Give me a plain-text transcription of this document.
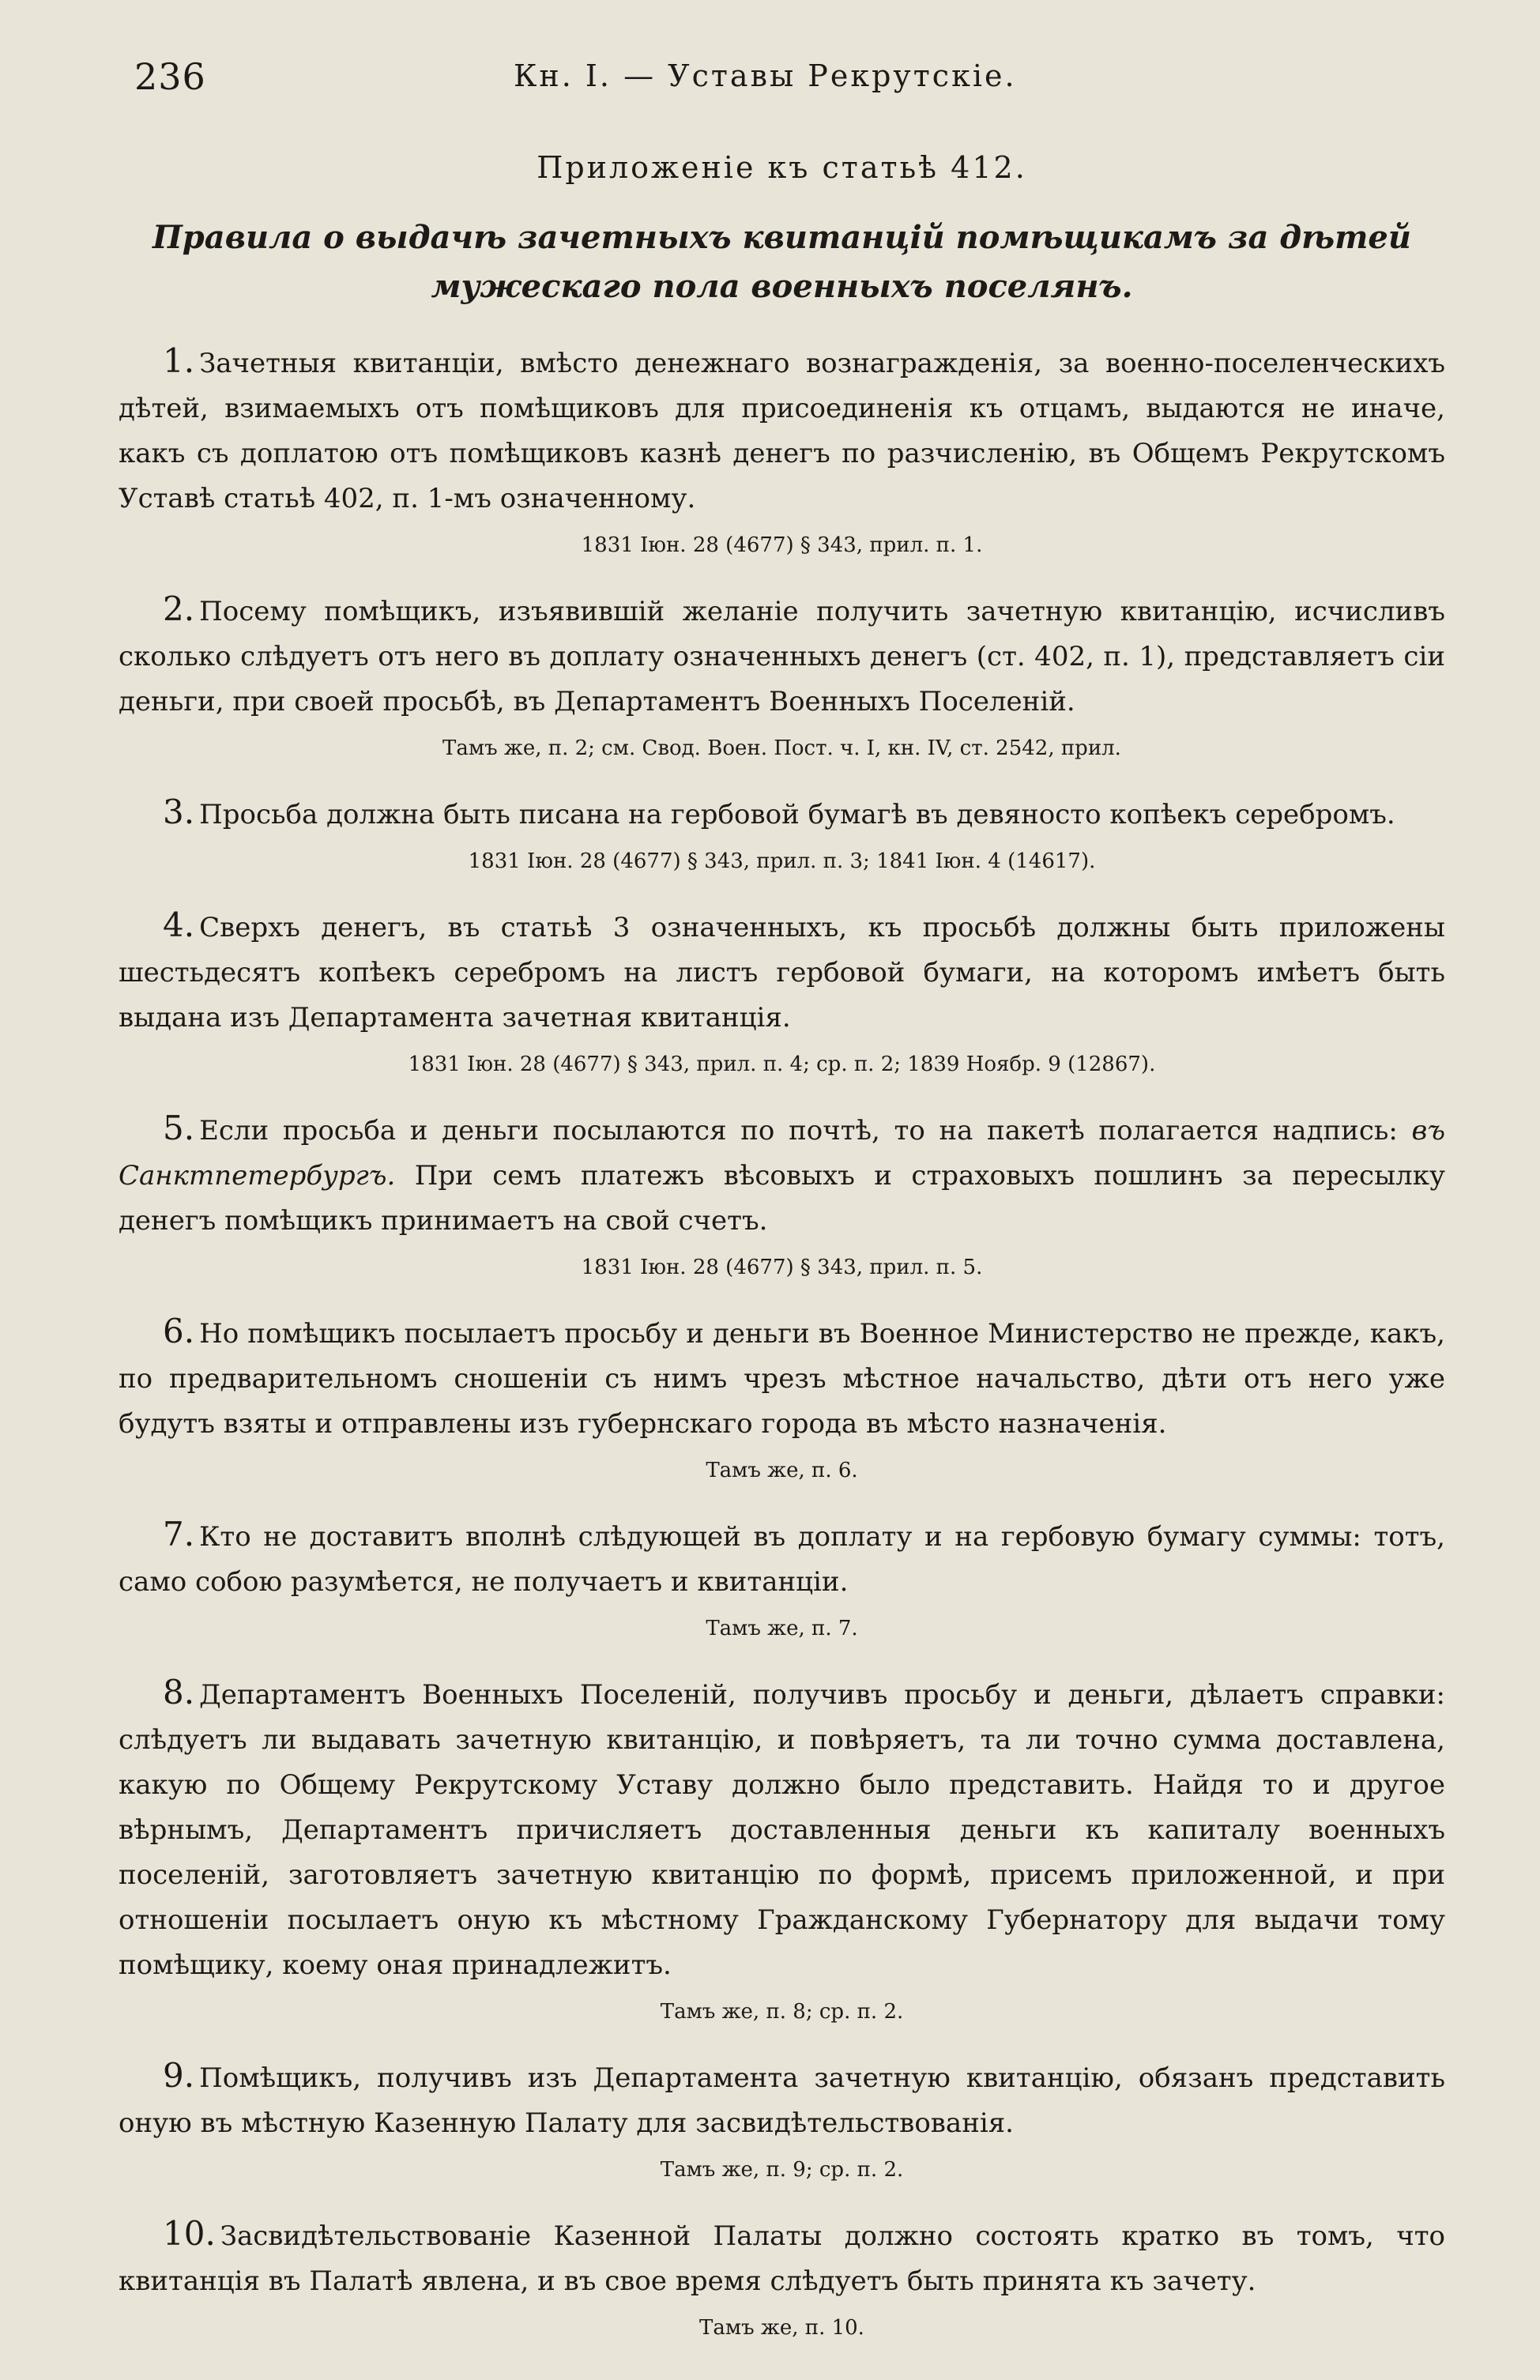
236	Кн. I. — Уставы Рекрутскіе.
Приложеніе къ статьѣ 412.
Правила о выдачѣ зачетныхъ квитанцій помѣщикамъ за дѣтей мужескаго пола военныхъ поселянъ.

1. Зачетныя квитанціи, вмѣсто денежнаго вознагражденія, за военно-поселенческихъ дѣтей, взимаемыхъ отъ помѣщиковъ для присоединенія къ отцамъ, выдаются не иначе, какъ съ доплатою отъ помѣщиковъ казнѣ денегъ по разчисленію, въ Общемъ Рекрутскомъ Уставѣ статьѣ 402, п. 1-мъ означенному.

1831 Іюн. 28 (4677) § 343, прил. п. 1.

2. Посему помѣщикъ, изъявившій желаніе получить зачетную квитанцію, исчисливъ сколько слѣдуетъ отъ него въ доплату означенныхъ денегъ (ст. 402, п. 1), представляетъ сіи деньги, при своей просьбѣ, въ Департаментъ Военныхъ Поселеній.

Тамъ же, п. 2; см. Свод. Воен. Пост. ч. I, кн. IV, ст. 2542, прил.

3. Просьба должна быть писана на гербовой бумагѣ въ девяносто копѣекъ серебромъ.

1831 Іюн. 28 (4677) § 343, прил. п. 3; 1841 Іюн. 4 (14617).

4. Сверхъ денегъ, въ статьѣ 3 означенныхъ, къ просьбѣ должны быть приложены шестьдесятъ копѣекъ серебромъ на листъ гербовой бумаги, на которомъ имѣетъ быть выдана изъ Департамента зачетная квитанція.

1831 Іюн. 28 (4677) § 343, прил. п. 4; ср. п. 2; 1839 Ноябр. 9 (12867).

5. Если просьба и деньги посылаются по почтѣ, то на пакетѣ полагается надпись: въ Санктпетербургъ. При семъ платежъ вѣсовыхъ и страховыхъ пошлинъ за пересылку денегъ помѣщикъ принимаетъ на свой счетъ.

1831 Іюн. 28 (4677) § 343, прил. п. 5.

6. Но помѣщикъ посылаетъ просьбу и деньги въ Военное Министерство не прежде, какъ, по предварительномъ сношеніи съ нимъ чрезъ мѣстное начальство, дѣти отъ него уже будутъ взяты и отправлены изъ губернскаго города въ мѣсто назначенія.

Тамъ же, п. 6.

7. Кто не доставитъ вполнѣ слѣдующей въ доплату и на гербовую бумагу суммы: тотъ, само собою разумѣется, не получаетъ и квитанціи.

Тамъ же, п. 7.

8. Департаментъ Военныхъ Поселеній, получивъ просьбу и деньги, дѣлаетъ справки: слѣдуетъ ли выдавать зачетную квитанцію, и повѣряетъ, та ли точно сумма доставлена, какую по Общему Рекрутскому Уставу должно было представить. Найдя то и другое вѣрнымъ, Департаментъ причисляетъ доставленныя деньги къ капиталу военныхъ поселеній, заготовляетъ зачетную квитанцію по формѣ, присемъ приложенной, и при отношеніи посылаетъ оную къ мѣстному Гражданскому Губернатору для выдачи тому помѣщику, коему оная принадлежитъ.

Тамъ же, п. 8; ср. п. 2.

9. Помѣщикъ, получивъ изъ Департамента зачетную квитанцію, обязанъ представить оную въ мѣстную Казенную Палату для засвидѣтельствованія.

Тамъ же, п. 9; ср. п. 2.

10. Засвидѣтельствованіе Казенной Палаты должно состоять кратко въ томъ, что квитанція въ Палатѣ явлена, и въ свое время слѣдуетъ быть принята къ зачету.

Тамъ же, п. 10.
